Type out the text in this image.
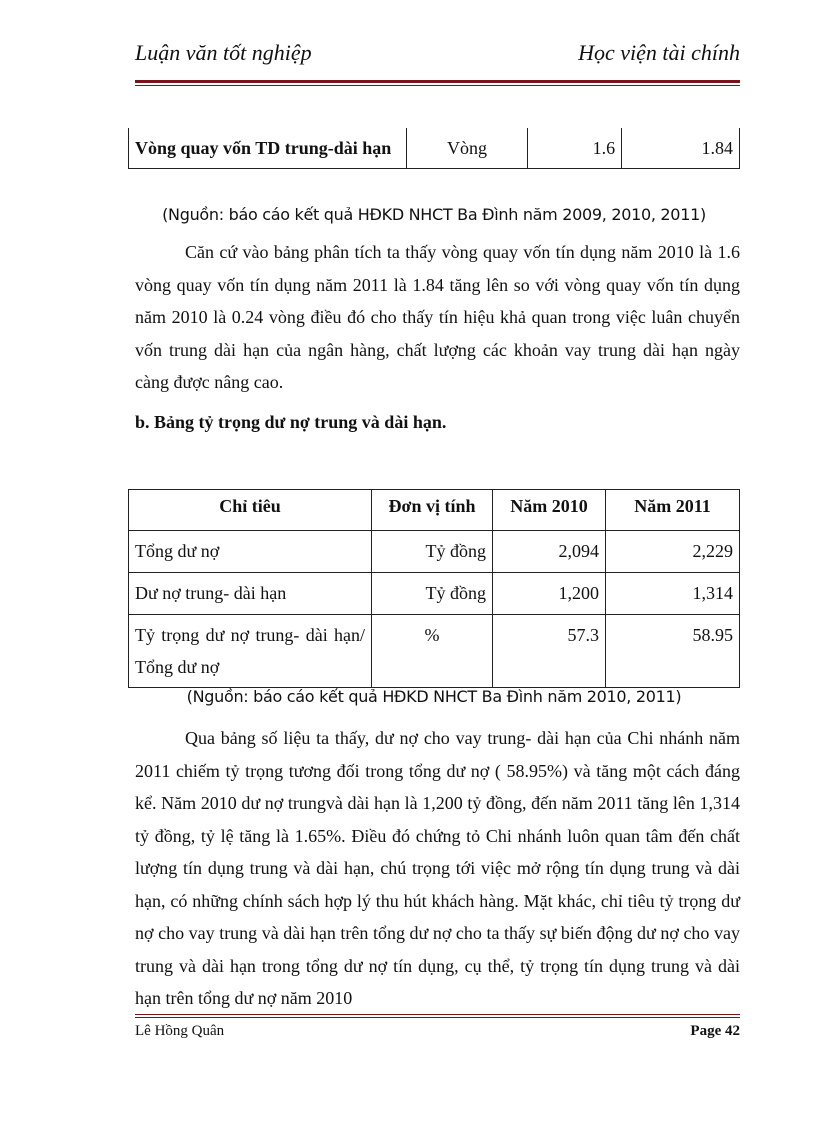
Luận văn tốt nghiệp	Học viện tài chính
Vòng quay vốn TD trung-dài hạn	Vòng	1.6	1.84
(Nguồn: báo cáo kết quả HĐKD NHCT Ba Đình năm 2009, 2010, 2011)

Căn cứ vào bảng phân tích ta thấy vòng quay vốn tín dụng năm 2010 là 1.6 vòng quay vốn tín dụng năm 2011 là 1.84 tăng lên so với vòng quay vốn tín dụng năm 2010 là 0.24 vòng điều đó cho thấy tín hiệu khả quan trong việc luân chuyển vốn trung dài hạn của ngân hàng, chất lượng các khoản vay trung dài hạn ngày càng được nâng cao.

b. Bảng tỷ trọng dư nợ trung và dài hạn.
Chỉ tiêu	Đơn vị tính	Năm 2010	Năm 2011
Tổng dư nợ	Tỷ đồng	2,094	2,229
Dư nợ trung- dài hạn	Tỷ đồng	1,200	1,314
Tỷ trọng dư nợ trung- dài hạn/ Tổng dư nợ	%	57.3	58.95
(Nguồn: báo cáo kết quả HĐKD NHCT Ba Đình năm 2010, 2011)

Qua bảng số liệu ta thấy, dư nợ cho vay trung- dài hạn của Chi nhánh năm 2011 chiếm tỷ trọng tương đối trong tổng dư nợ ( 58.95%) và tăng một cách đáng kể. Năm 2010 dư nợ trungvà dài hạn là 1,200 tỷ đồng, đến năm 2011 tăng lên 1,314 tỷ đồng, tỷ lệ tăng là 1.65%. Điều đó chứng tỏ Chi nhánh luôn quan tâm đến chất lượng tín dụng trung và dài hạn, chú trọng tới việc mở rộng tín dụng trung và dài hạn, có những chính sách hợp lý thu hút khách hàng. Mặt khác, chỉ tiêu tỷ trọng dư nợ cho vay trung và dài hạn trên tổng dư nợ cho ta thấy sự biến động dư nợ cho vay trung và dài hạn trong tổng dư nợ tín dụng, cụ thể, tỷ trọng tín dụng trung và dài hạn trên tổng dư nợ năm 2010

Lê Hồng Quân	Page 42
